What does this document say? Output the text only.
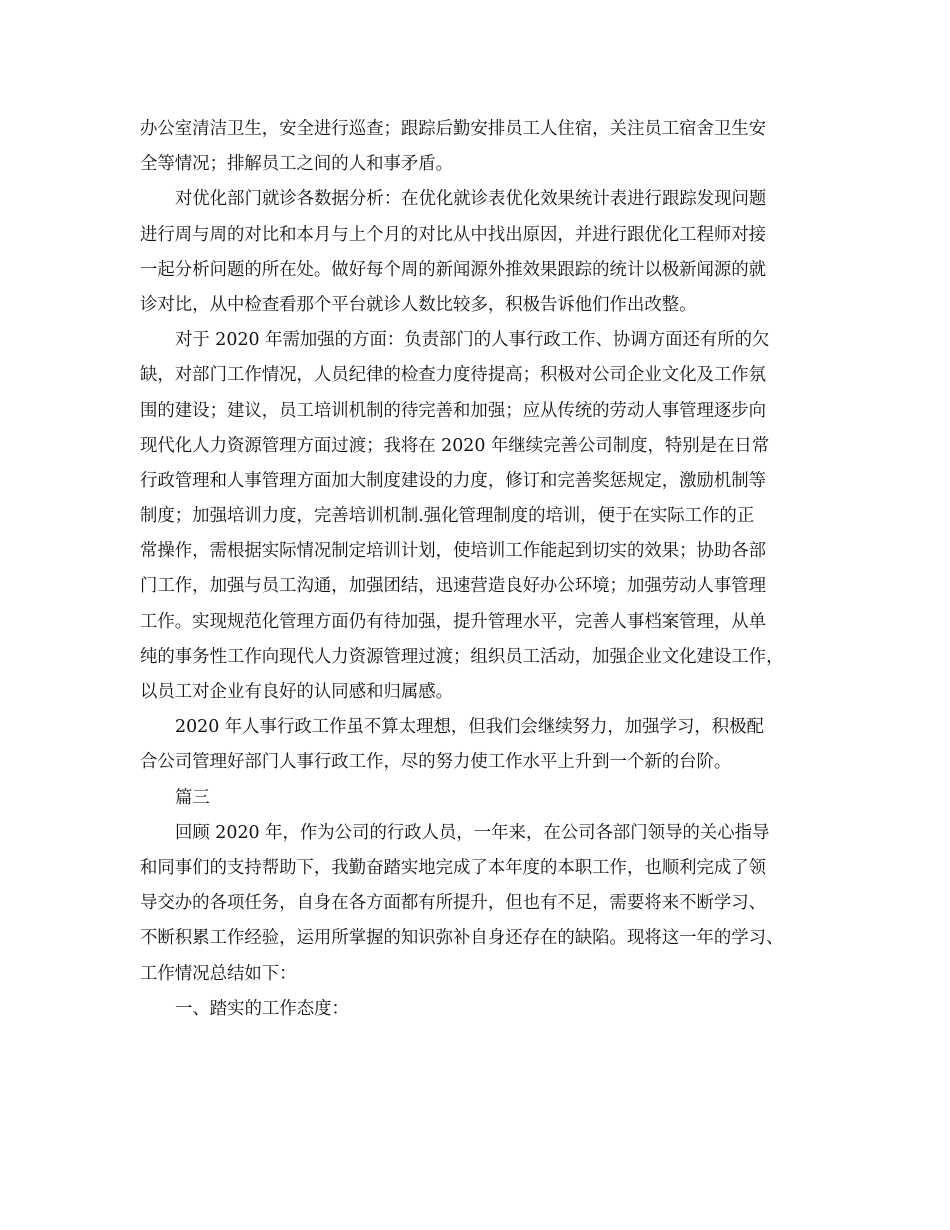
办公室清洁卫生，安全进行巡查；跟踪后勤安排员工人住宿，关注员工宿舍卫生安
全等情况；排解员工之间的人和事矛盾。
对优化部门就诊各数据分析：在优化就诊表优化效果统计表进行跟踪发现问题
进行周与周的对比和本月与上个月的对比从中找出原因，并进行跟优化工程师对接
一起分析问题的所在处。做好每个周的新闻源外推效果跟踪的统计以极新闻源的就
诊对比，从中检查看那个平台就诊人数比较多，积极告诉他们作出改整。
对于 2020 年需加强的方面：负责部门的人事行政工作、协调方面还有所的欠
缺，对部门工作情况，人员纪律的检查力度待提高；积极对公司企业文化及工作氛
围的建设；建议，员工培训机制的待完善和加强；应从传统的劳动人事管理逐步向
现代化人力资源管理方面过渡；我将在 2020 年继续完善公司制度，特别是在日常
行政管理和人事管理方面加大制度建设的力度，修订和完善奖惩规定，激励机制等
制度；加强培训力度，完善培训机制.强化管理制度的培训，便于在实际工作的正
常操作，需根据实际情况制定培训计划，使培训工作能起到切实的效果；协助各部
门工作，加强与员工沟通，加强团结，迅速营造良好办公环境；加强劳动人事管理
工作。实现规范化管理方面仍有待加强，提升管理水平，完善人事档案管理，从单
纯的事务性工作向现代人力资源管理过渡；组织员工活动，加强企业文化建设工作，
以员工对企业有良好的认同感和归属感。
2020 年人事行政工作虽不算太理想，但我们会继续努力，加强学习，积极配
合公司管理好部门人事行政工作，尽的努力使工作水平上升到一个新的台阶。
篇三
回顾 2020 年，作为公司的行政人员，一年来，在公司各部门领导的关心指导
和同事们的支持帮助下，我勤奋踏实地完成了本年度的本职工作，也顺利完成了领
导交办的各项任务，自身在各方面都有所提升，但也有不足，需要将来不断学习、
不断积累工作经验，运用所掌握的知识弥补自身还存在的缺陷。现将这一年的学习、
工作情况总结如下：
一、踏实的工作态度：
